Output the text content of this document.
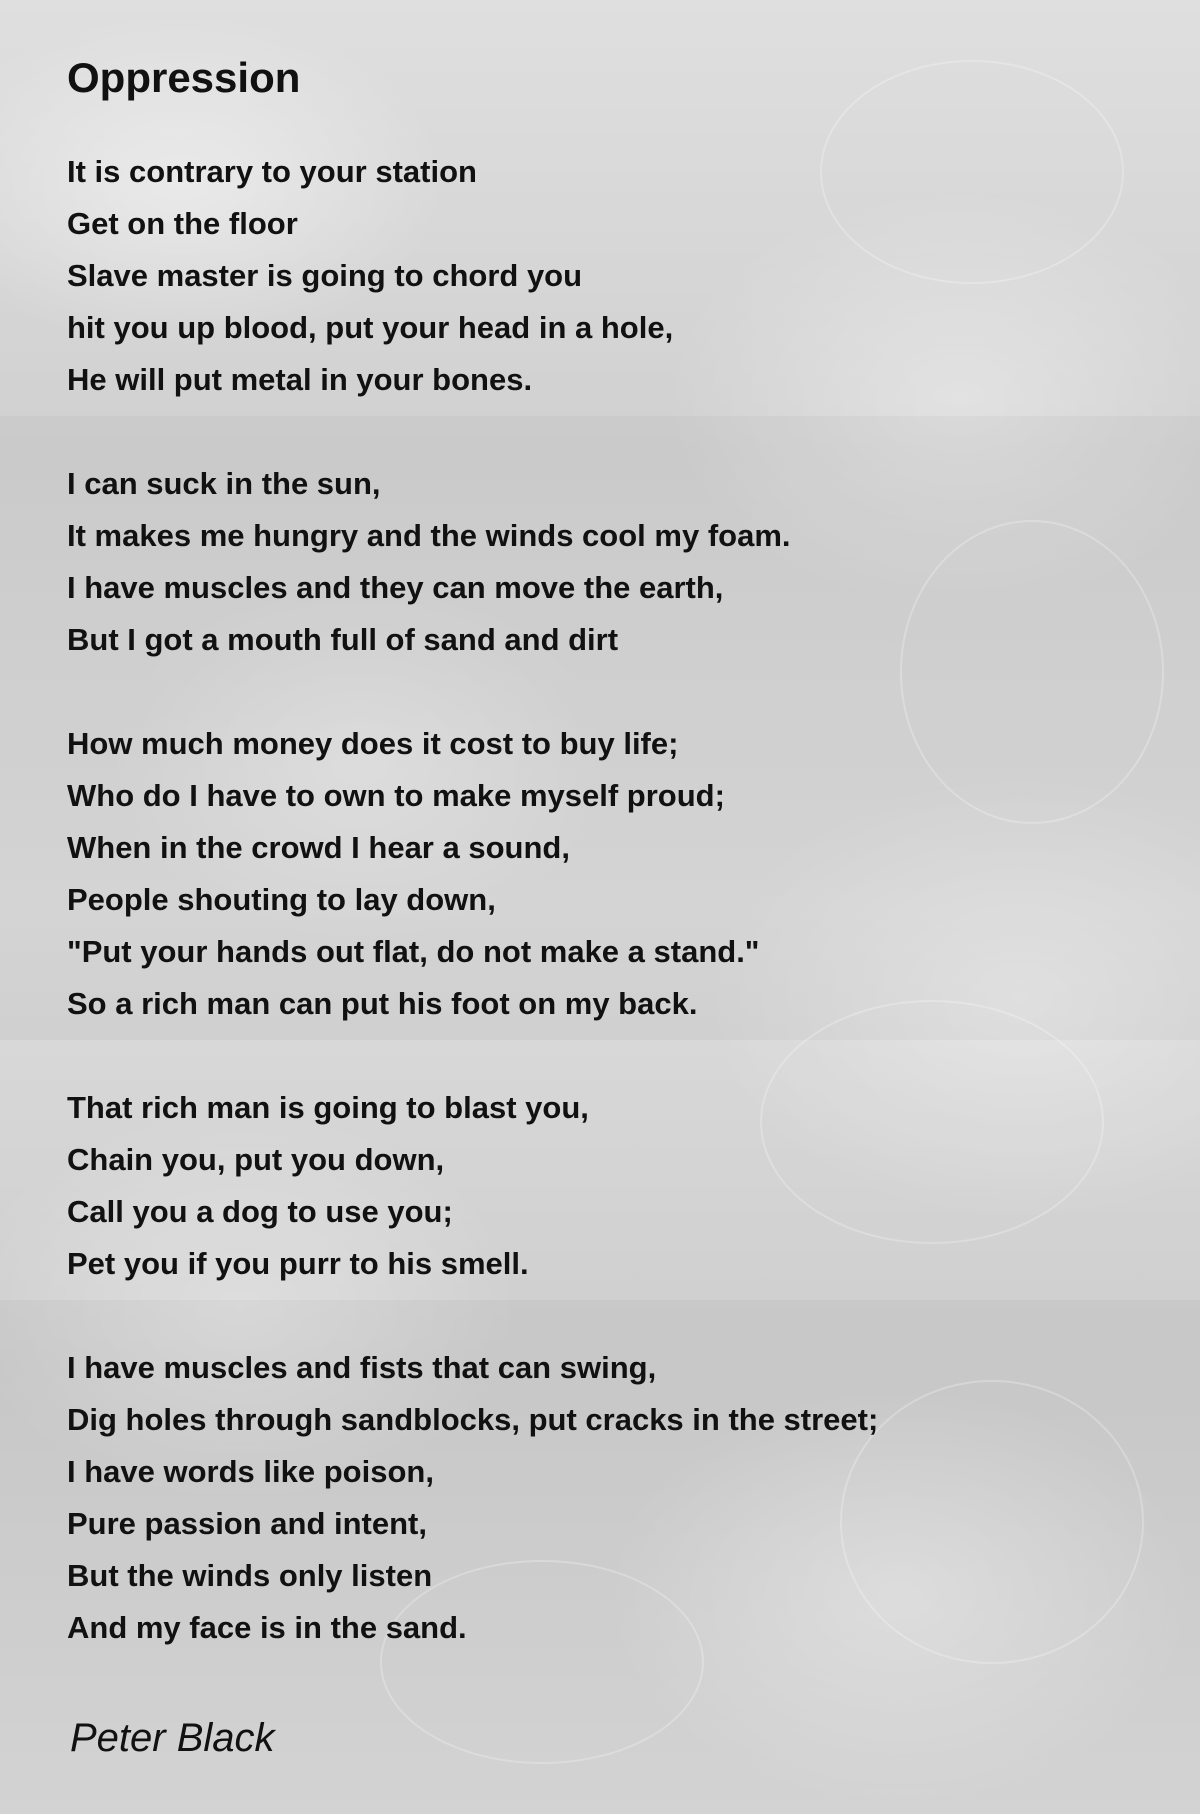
Oppression
It is contrary to your station
Get on the floor
Slave master is going to chord you
hit you up blood, put your head in a hole,
He will put metal in your bones.
I can suck in the sun,
It makes me hungry and the winds cool my foam.
I have muscles and they can move the earth,
But I got a mouth full of sand and dirt
How much money does it cost to buy life;
Who do I have to own to make myself proud;
When in the crowd I hear a sound,
People shouting to lay down,
"Put your hands out flat, do not make a stand."
So a rich man can put his foot on my back.
That rich man is going to blast you,
Chain you, put you down,
Call you a dog to use you;
Pet you if you purr to his smell.
I have muscles and fists that can swing,
Dig holes through sandblocks, put cracks in the street;
I have words like poison,
Pure passion and intent,
But the winds only listen
And my face is in the sand.
Peter Black
